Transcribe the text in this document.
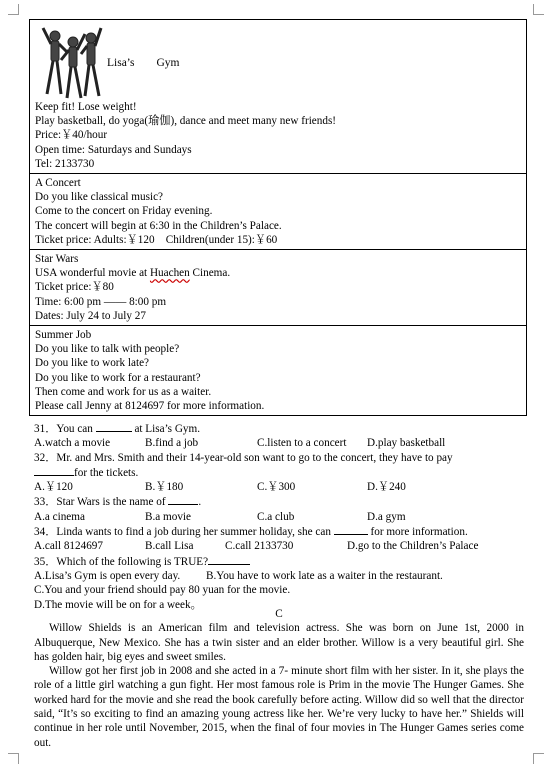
Lisa’s Gym
Keep fit! Lose weight!
Play basketball, do yoga(瑜伽), dance and meet many new friends!
Price:￥40/hour
Open time: Saturdays and Sundays
Tel: 2133730
A Concert
Do you like classical music?
Come to the concert on Friday evening.
The concert will begin at 6:30 in the Children’s Palace.
Ticket price: Adults:￥120    Children(under 15):￥60
Star Wars
USA wonderful movie at Huachen Cinema.
Ticket price:￥80
Time: 6:00 pm —— 8:00 pm
Dates: July 24 to July 27
Summer Job
Do you like to talk with people?
Do you like to work late?
Do you like to work for a restaurant?
Then come and work for us as a waiter.
Please call Jenny at 8124697 for more information.
31．You can	at Lisa’s Gym.
A.watch a movie	B.find a job	C.listen to a concert	D.play basketball
32．Mr. and Mrs. Smith and their 14-year-old son want to go to the concert, they have to pay
for the tickets.
A.￥120	B.￥180	C.￥300	D.￥240
33．Star Wars is the name of	.
A.a cinema	B.a movie	C.a club	D.a gym
34．Linda wants to find a job during her summer holiday, she can	for more information.
A.call 8124697	B.call Lisa	C.call 2133730	D.go to the Children’s Palace
35．Which of the following is TRUE?
A.Lisa’s Gym is open every day.	B.You have to work late as a waiter in the restaurant.
C.You and your friend should pay 80 yuan for the movie.
D.The movie will be on for a week。
C

Willow Shields is an American film and television actress. She was born on June 1st, 2000 in Albuquerque, New Mexico. She has a twin sister and an elder brother. Willow is a very beautiful girl. She has golden hair, big eyes and sweet smiles.

Willow got her first job in 2008 and she acted in a 7- minute short film with her sister. In it, she plays the role of a little girl watching a gun fight. Her most famous role is Prim in the movie The Hunger Games. She worked hard for the movie and she read the book carefully before acting. Willow did so well that the director said, “It’s so exciting to find an amazing young actress like her. We’re very lucky to have her.” Shields will continue in her role until November, 2015, when the final of four movies in The Hunger Games series come out.
